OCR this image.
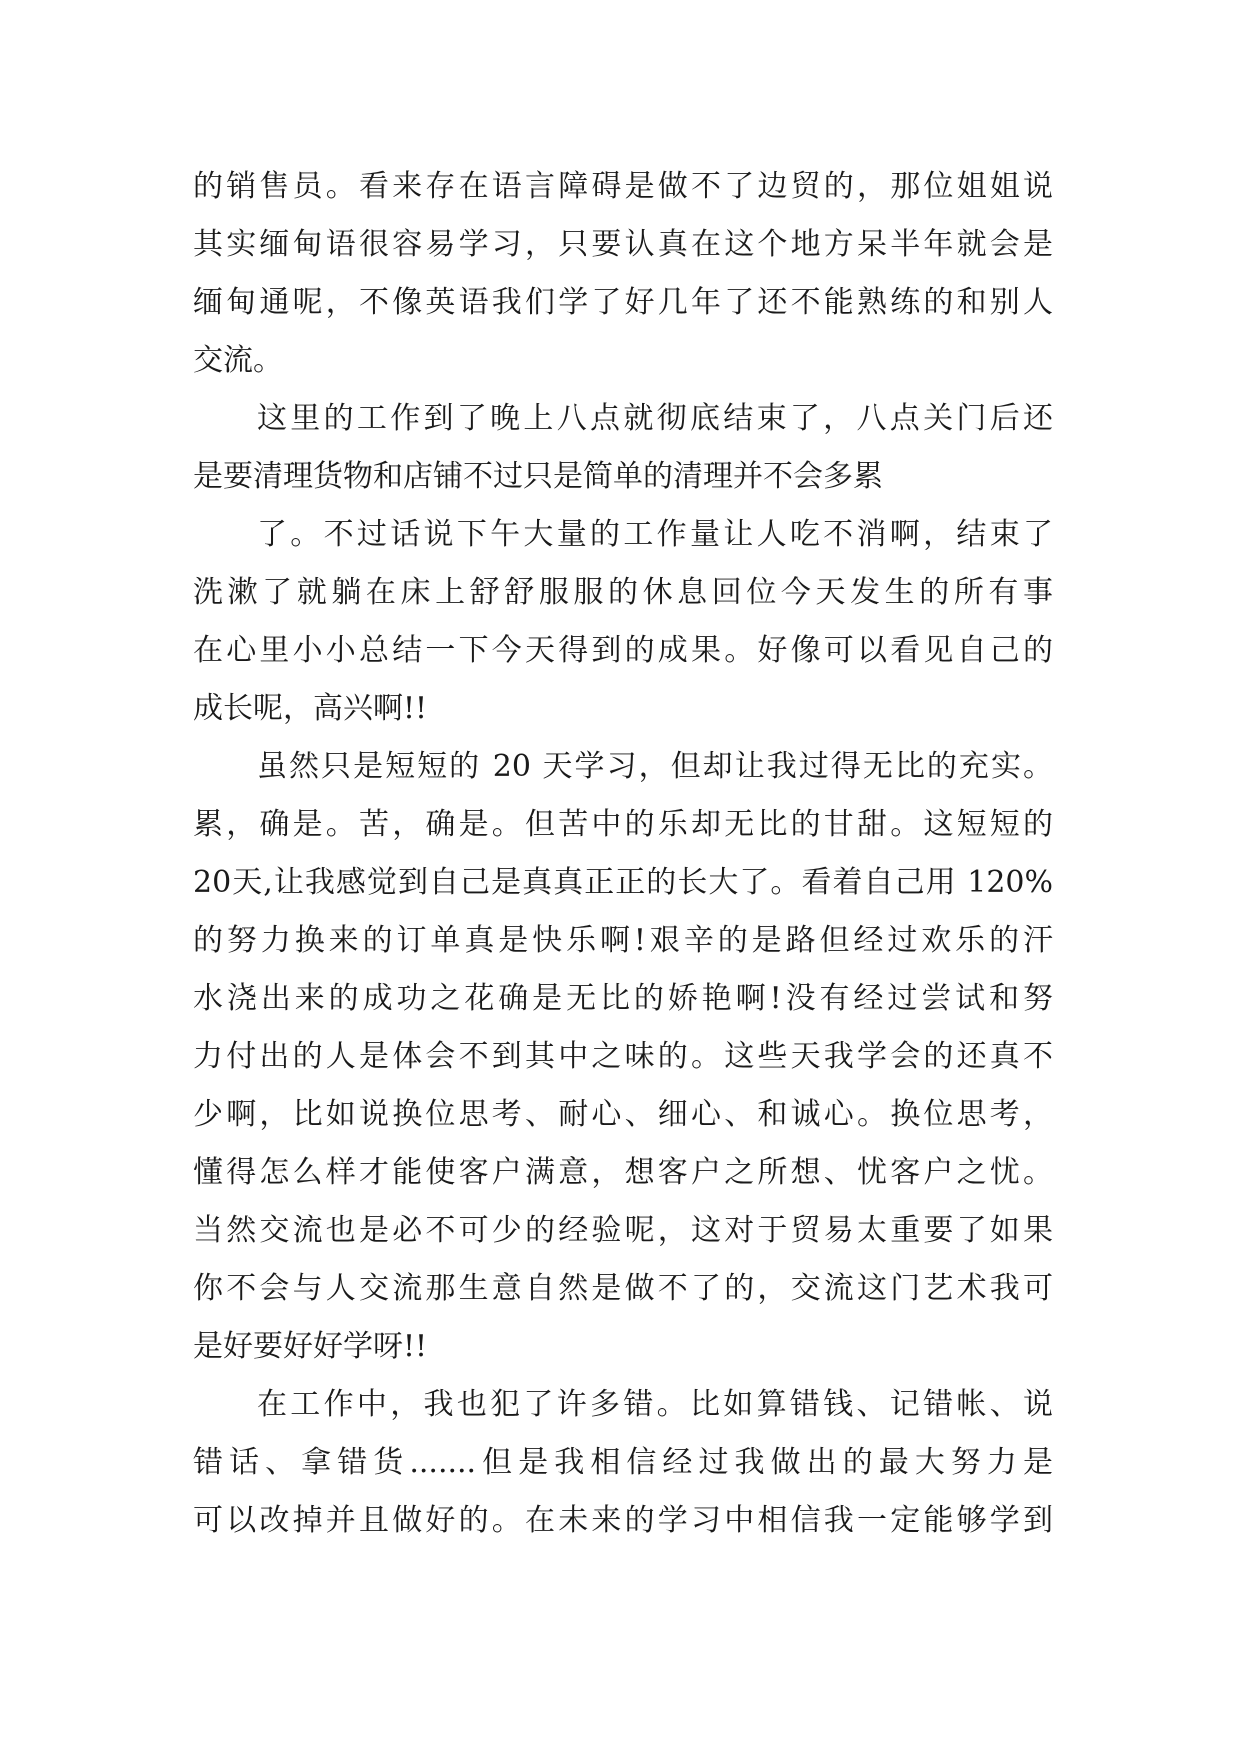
的销售员。看来存在语言障碍是做不了边贸的，那位姐姐说
其实缅甸语很容易学习，只要认真在这个地方呆半年就会是
缅甸通呢，不像英语我们学了好几年了还不能熟练的和别人
交流。
这里的工作到了晚上八点就彻底结束了，八点关门后还
是要清理货物和店铺不过只是简单的清理并不会多累
了。不过话说下午大量的工作量让人吃不消啊，结束了
洗漱了就躺在床上舒舒服服的休息回位今天发生的所有事
在心里小小总结一下今天得到的成果。好像可以看见自己的
成长呢，高兴啊!!
虽然只是短短的 20 天学习，但却让我过得无比的充实。
累，确是。苦，确是。但苦中的乐却无比的甘甜。这短短的
20天,让我感觉到自己是真真正正的长大了。看着自己用 120%
的努力换来的订单真是快乐啊!艰辛的是路但经过欢乐的汗
水浇出来的成功之花确是无比的娇艳啊!没有经过尝试和努
力付出的人是体会不到其中之味的。这些天我学会的还真不
少啊，比如说换位思考、耐心、细心、和诚心。换位思考，
懂得怎么样才能使客户满意，想客户之所想、忧客户之忧。
当然交流也是必不可少的经验呢，这对于贸易太重要了如果
你不会与人交流那生意自然是做不了的，交流这门艺术我可
是好要好好学呀!!
在工作中，我也犯了许多错。比如算错钱、记错帐、说
错话、拿错货.......但是我相信经过我做出的最大努力是
可以改掉并且做好的。在未来的学习中相信我一定能够学到
